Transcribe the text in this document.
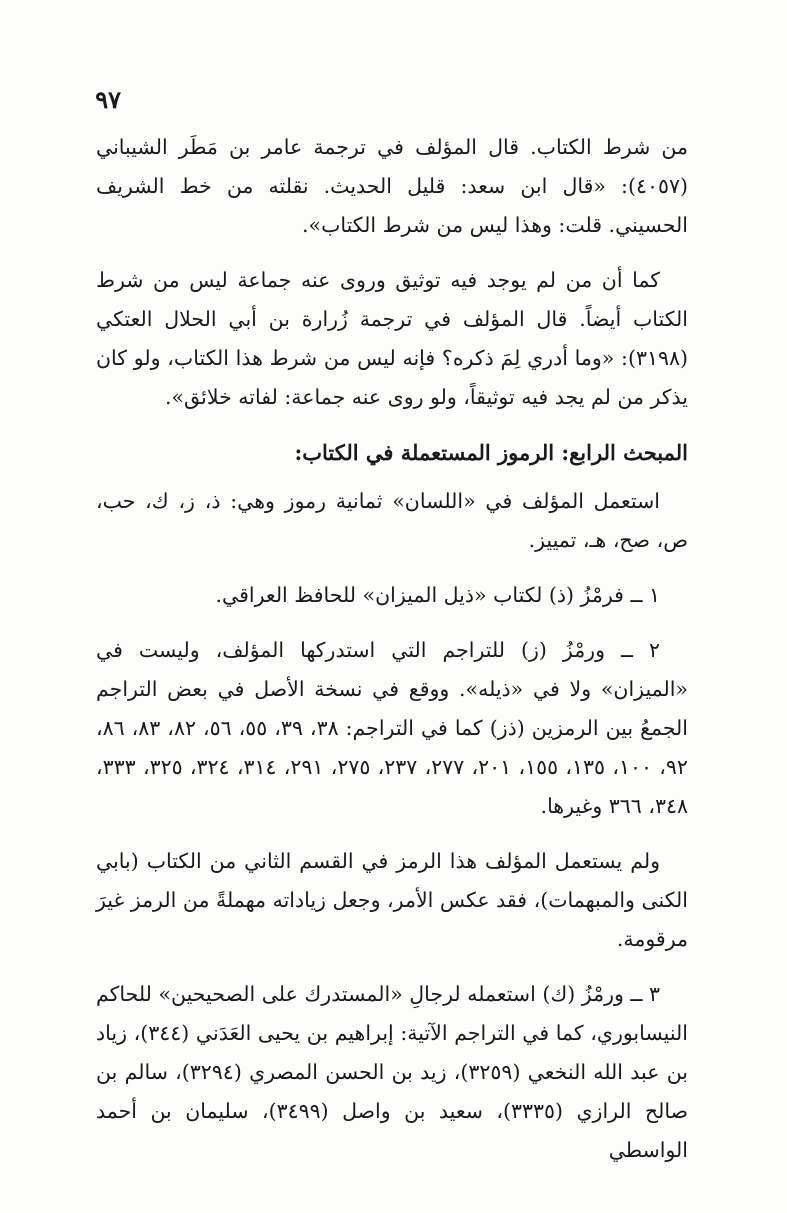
٩٧

من شرط الكتاب. قال المؤلف في ترجمة عامر بن مَطَر الشيباني (٤٠٥٧): «قال ابن سعد: قليل الحديث. نقلته من خط الشريف الحسيني. قلت: وهذا ليس من شرط الكتاب».

كما أن من لم يوجد فيه توثيق وروى عنه جماعة ليس من شرط الكتاب أيضاً. قال المؤلف في ترجمة زُرارة بن أبي الحلال العتكي (٣١٩٨): «وما أدري لِمَ ذكره؟ فإنه ليس من شرط هذا الكتاب، ولو كان يذكر من لم يجد فيه توثيقاً، ولو روى عنه جماعة: لفاته خلائق».

المبحث الرابع: الرموز المستعملة في الكتاب:

استعمل المؤلف في «اللسان» ثمانية رموز وهي: ذ، ز، ك، حب، ص، صح، هـ، تمييز.

١ ــ فرمْزُ (ذ) لكتاب «ذيل الميزان» للحافظ العراقي.

٢ ــ ورمْزُ (ز) للتراجم التي استدركها المؤلف، وليست في «الميزان» ولا في «ذيله». ووقع في نسخة الأصل في بعض التراجم الجمعُ بين الرمزين (ذز) كما في التراجم: ٣٨، ٣٩، ٥٥، ٥٦، ٨٢، ٨٣، ٨٦، ٩٢، ١٠٠، ١٣٥، ١٥٥، ٢٠١، ٢٧٧، ٢٣٧، ٢٧٥، ٢٩١، ٣١٤، ٣٢٤، ٣٢٥، ٣٣٣، ٣٤٨، ٣٦٦ وغيرها.

ولم يستعمل المؤلف هذا الرمز في القسم الثاني من الكتاب (بابي الكنى والمبهمات)، فقد عكس الأمر، وجعل زياداته مهملةً من الرمز غيرَ مرقومة.

٣ ــ ورمْزُ (ك) استعمله لرجالِ «المستدرك على الصحيحين» للحاكم النيسابوري، كما في التراجم الآتية: إبراهيم بن يحيى العَدَني (٣٤٤)، زياد بن عبد الله النخعي (٣٢٥٩)، زيد بن الحسن المصري (٣٢٩٤)، سالم بن صالح الرازي (٣٣٣٥)، سعيد بن واصل (٣٤٩٩)، سليمان بن أحمد الواسطي
